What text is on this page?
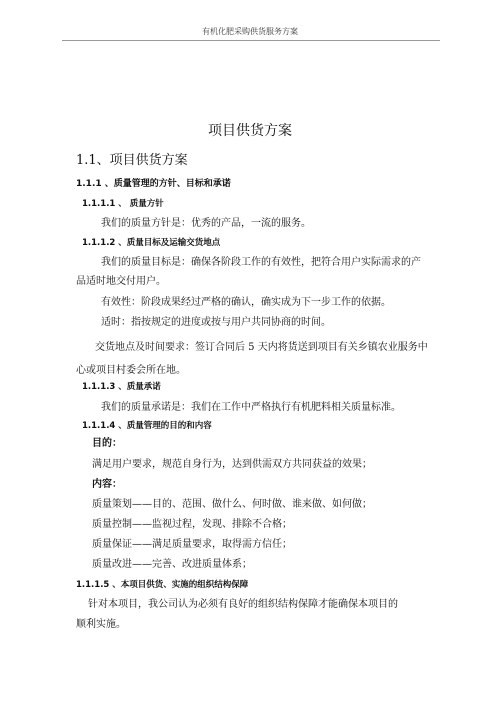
有机化肥采购供货服务方案
项目供货方案
1.1、项目供货方案
1.1.1 、质量管理的方针、目标和承诺
1.1.1.1 、 质量方针
我们的质量方针是：优秀的产品，一流的服务。
1.1.1.2 、质量目标及运输交货地点
我们的质量目标是：确保各阶段工作的有效性，把符合用户实际需求的产
品适时地交付用户。
有效性：阶段成果经过严格的确认，确实成为下一步工作的依据。
适时：指按规定的进度或按与用户共同协商的时间。
交货地点及时间要求：签订合同后 5 天内将货送到项目有关乡镇农业服务中
心或项目村委会所在地。
1.1.1.3 、质量承诺
我们的质量承诺是：我们在工作中严格执行有机肥料相关质量标准。
1.1.1.4 、质量管理的目的和内容
目的：
满足用户要求，规范自身行为，达到供需双方共同获益的效果；
内容：
质量策划——目的、范围、做什么、何时做、谁来做、如何做；
质量控制——监视过程，发现、排除不合格；
质量保证——满足质量要求，取得需方信任；
质量改进——完善、改进质量体系；
1.1.1.5 、本项目供货、实施的组织结构保障
针对本项目，我公司认为必须有良好的组织结构保障才能确保本项目的
顺利实施。
